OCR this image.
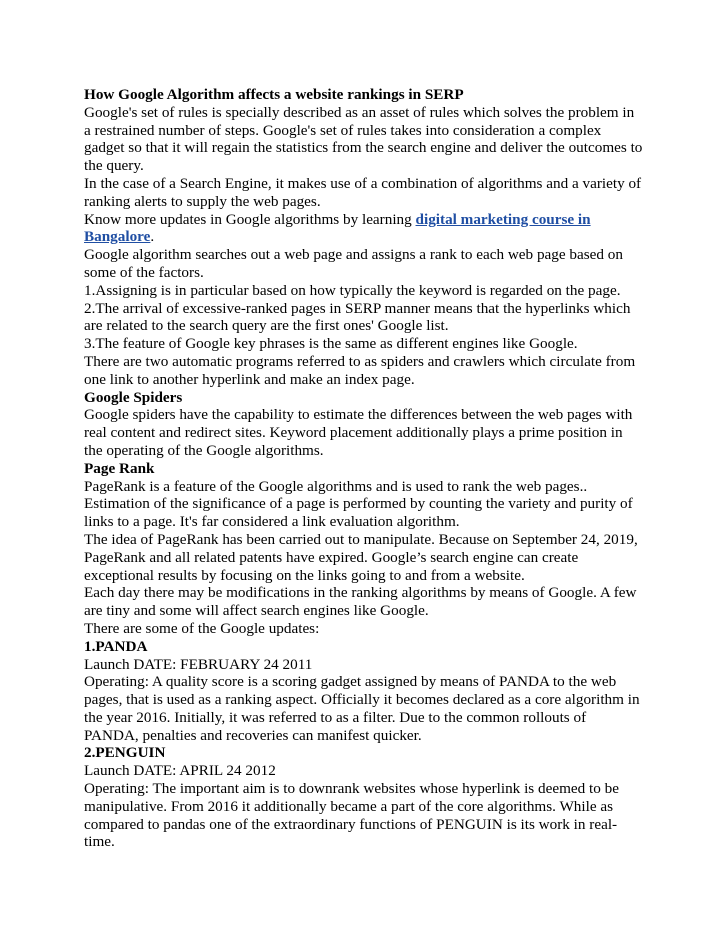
How Google Algorithm affects a website rankings in SERP

Google's set of rules is specially described as an asset of rules which solves the problem in a restrained number of steps. Google's set of rules takes into consideration a complex gadget so that it will regain the statistics from the search engine and deliver the outcomes to the query.

In the case of a Search Engine, it makes use of a combination of algorithms and a variety of ranking alerts to supply the web pages.

Know more updates in Google algorithms by learning digital marketing course in Bangalore.

Google algorithm searches out a web page and assigns a rank to each web page based on some of the factors.

1.Assigning is in particular based on how typically the keyword is regarded on the page.

2.The arrival of excessive-ranked pages in SERP manner means that the hyperlinks which are related to the search query are the first ones' Google list.

3.The feature of Google key phrases is the same as different engines like Google.

There are two automatic programs referred to as spiders and crawlers which circulate from one link to another hyperlink and make an index page.

Google Spiders

Google spiders have the capability to estimate the differences between the web pages with real content and redirect sites. Keyword placement additionally plays a prime position in the operating of the Google algorithms.

Page Rank

PageRank is a feature of the Google algorithms and is used to rank the web pages..

Estimation of the significance of a page is performed by counting the variety and purity of links to a page. It's far considered a link evaluation algorithm.

The idea of PageRank has been carried out to manipulate. Because on September 24, 2019, PageRank and all related patents have expired. Google’s search engine can create exceptional results by focusing on the links going to and from a website.

Each day there may be modifications in the ranking algorithms by means of Google. A few are tiny and some will affect search engines like Google.

There are some of the Google updates:

1.PANDA

Launch DATE: FEBRUARY 24 2011

Operating: A quality score is a scoring gadget assigned by means of PANDA to the web pages, that is used as a ranking aspect. Officially it becomes declared as a core algorithm in the year 2016. Initially, it was referred to as a filter. Due to the common rollouts of PANDA, penalties and recoveries can manifest quicker.

2.PENGUIN

Launch DATE: APRIL 24 2012

Operating: The important aim is to downrank websites whose hyperlink is deemed to be manipulative. From 2016 it additionally became a part of the core algorithms. While as compared to pandas one of the extraordinary functions of PENGUIN is its work in real-time.
